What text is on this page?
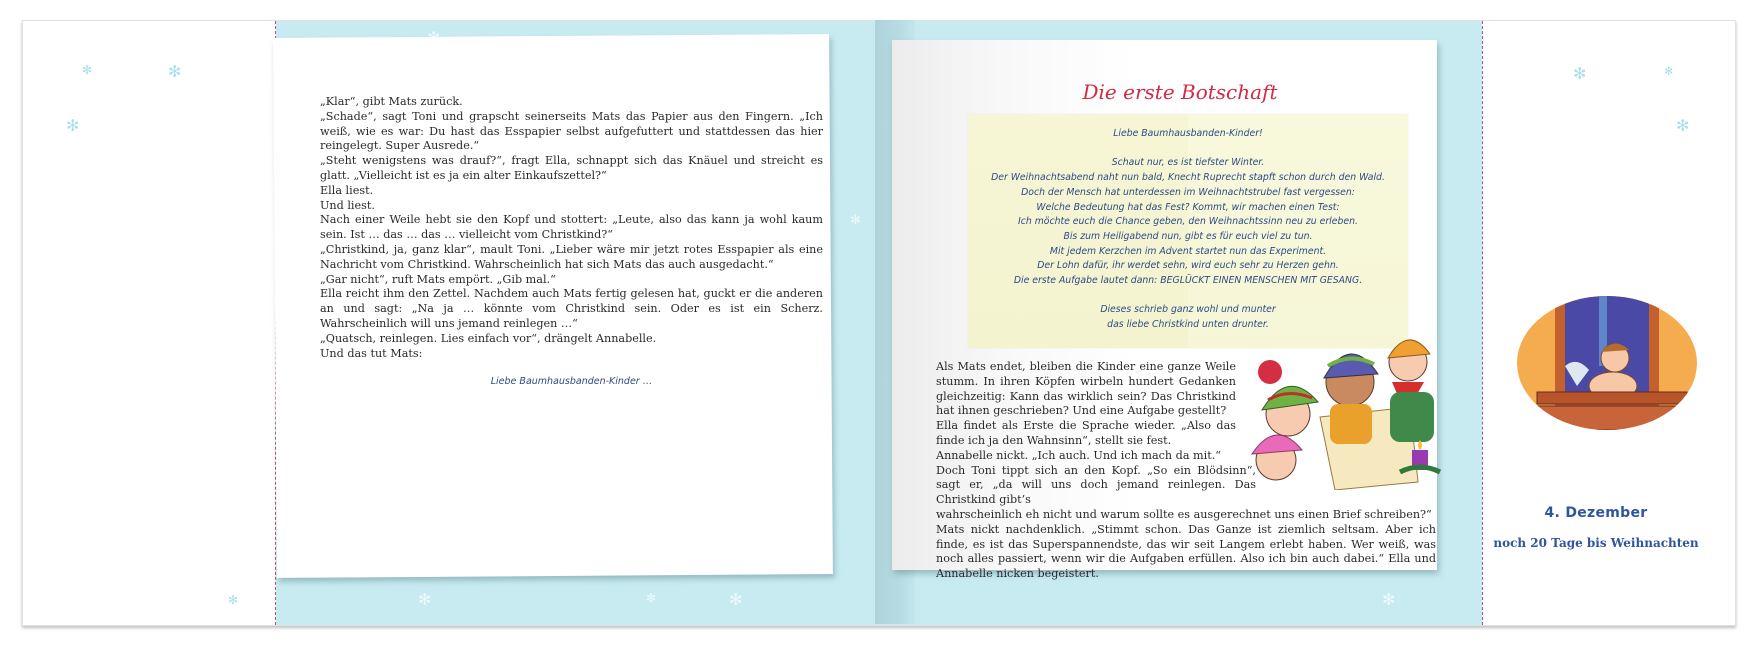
✻	✻
✻
✻
✻
✻	✻	✻	✻
✻	✻
✻

„Klar“, gibt Mats zurück.

„Schade“, sagt Toni und grapscht seinerseits Mats das Papier aus den Fingern. „Ich weiß, wie es war: Du hast das Esspapier selbst aufgefuttert und stattdessen das hier reingelegt. Super Ausrede.“

„Steht wenigstens was drauf?“, fragt Ella, schnappt sich das Knäuel und streicht es glatt. „Vielleicht ist es ja ein alter Einkaufszettel?“

Ella liest.

Und liest.

Nach einer Weile hebt sie den Kopf und stottert: „Leute, also das kann ja wohl kaum sein. Ist … das … das … vielleicht vom Christkind?“

„Christkind, ja, ganz klar“, mault Toni. „Lieber wäre mir jetzt rotes Esspapier als eine Nachricht vom Christkind. Wahrscheinlich hat sich Mats das auch ausgedacht.“

„Gar nicht“, ruft Mats empört. „Gib mal.“

Ella reicht ihm den Zettel. Nachdem auch Mats fertig gelesen hat, guckt er die anderen an und sagt: „Na ja … könnte vom Christkind sein. Oder es ist ein Scherz. Wahrscheinlich will uns jemand reinlegen …“

„Quatsch, reinlegen. Lies einfach vor“, drängelt Annabelle.

Und das tut Mats:

Liebe Baumhausbanden-Kinder …
Die erste Botschaft
Liebe Baumhausbanden-Kinder!
Schaut nur, es ist tiefster Winter.
Der Weihnachtsabend naht nun bald, Knecht Ruprecht stapft schon durch den Wald.
Doch der Mensch hat unterdessen im Weihnachtstrubel fast vergessen:
Welche Bedeutung hat das Fest? Kommt, wir machen einen Test:
Ich möchte euch die Chance geben, den Weihnachtssinn neu zu erleben.
Bis zum Heiligabend nun, gibt es für euch viel zu tun.
Mit jedem Kerzchen im Advent startet nun das Experiment.
Der Lohn dafür, ihr werdet sehn, wird euch sehr zu Herzen gehn.
Die erste Aufgabe lautet dann: BEGLÜCKT EINEN MENSCHEN MIT GESANG.
Dieses schrieb ganz wohl und munter
das liebe Christkind unten drunter.

Als Mats endet, bleiben die Kinder eine ganze Weile stumm. In ihren Köpfen wirbeln hundert Gedanken gleichzeitig: Kann das wirklich sein? Das Christkind hat ihnen geschrieben? Und eine Aufgabe gestellt?

Ella findet als Erste die Sprache wieder. „Also das finde ich ja den Wahnsinn“, stellt sie fest.

Annabelle nickt. „Ich auch. Und ich mach da mit.“

Doch Toni tippt sich an den Kopf. „So ein Blödsinn“, sagt er, „da will uns doch jemand reinlegen. Das Christkind gibt’s

wahrscheinlich eh nicht und warum sollte es ausgerechnet uns einen Brief schreiben?“

Mats nickt nachdenklich. „Stimmt schon. Das Ganze ist ziemlich seltsam. Aber ich finde, es ist das Superspannendste, das wir seit Langem erlebt haben. Wer weiß, was noch alles passiert, wenn wir die Aufgaben erfüllen. Also ich bin auch dabei.“ Ella und Annabelle nicken begeistert.

4. Dezember
noch 20 Tage bis Weihnachten
